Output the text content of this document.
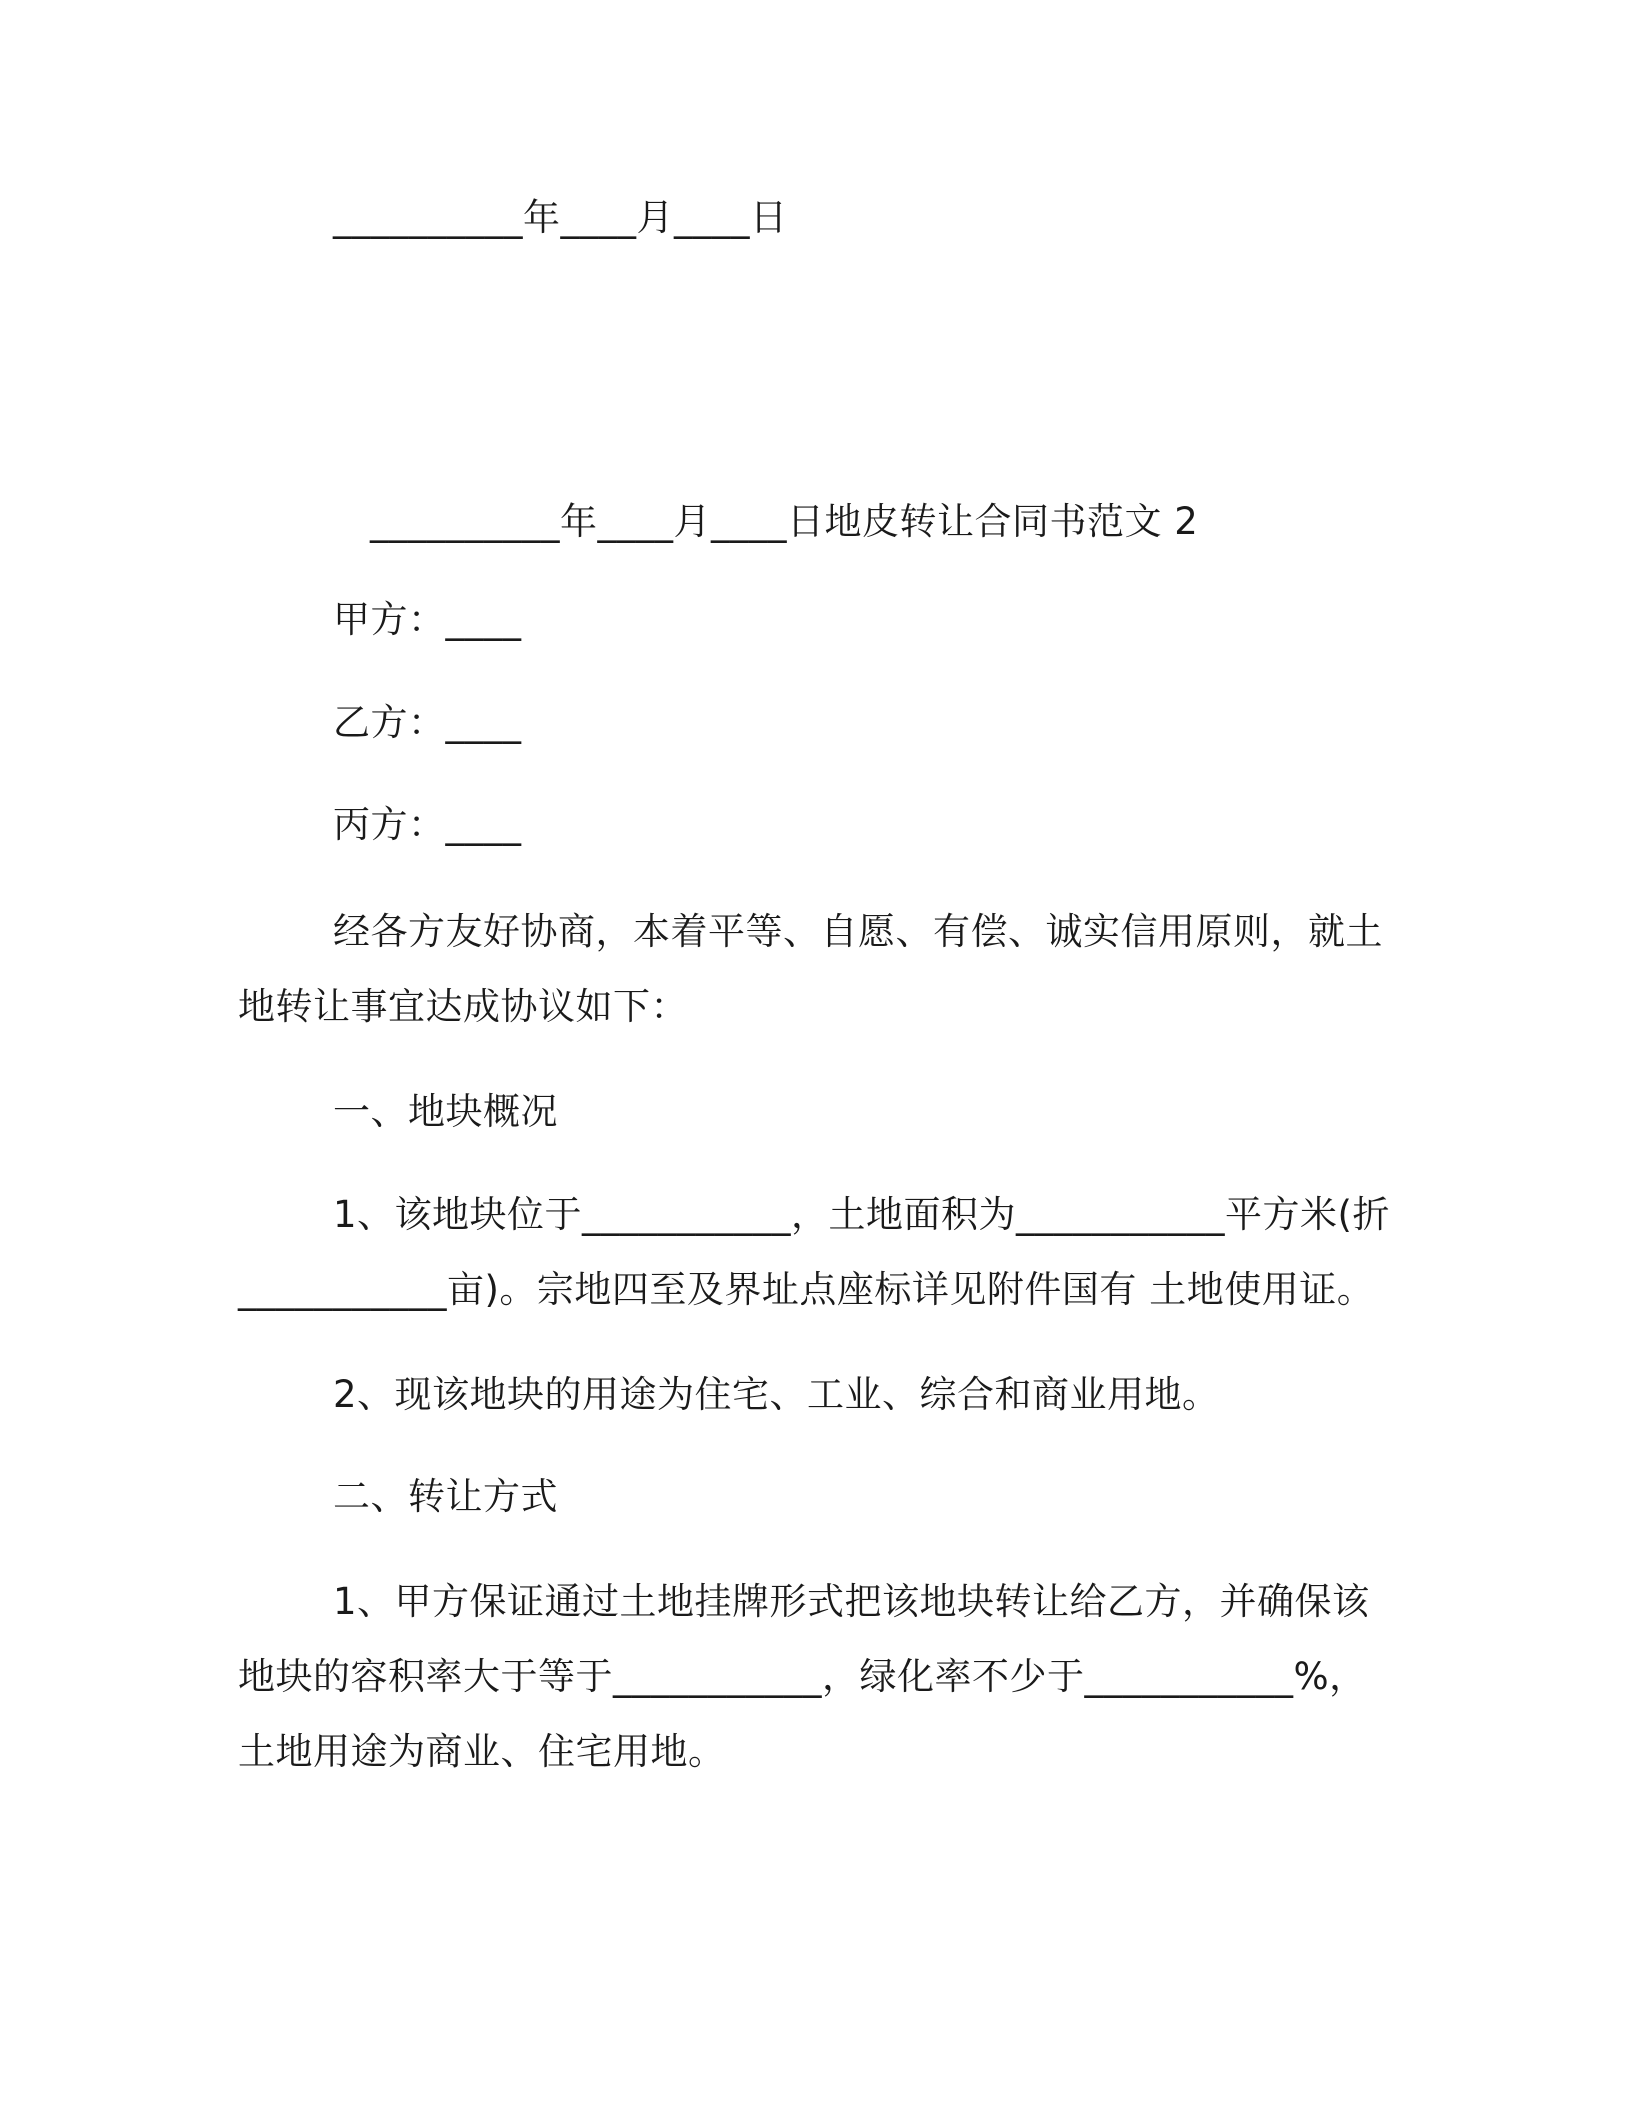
__________年____月____日
__________年____月____日地皮转让合同书范文 2
甲方：____
乙方：____
丙方：____
经各方友好协商，本着平等、自愿、有偿、诚实信用原则，就土
地转让事宜达成协议如下：
一、地块概况
1、该地块位于___________，土地面积为___________平方米(折
___________亩)。宗地四至及界址点座标详见附件国有 土地使用证。
2、现该地块的用途为住宅、工业、综合和商业用地。
二、转让方式
1、甲方保证通过土地挂牌形式把该地块转让给乙方，并确保该
地块的容积率大于等于___________，绿化率不少于___________%，
土地用途为商业、住宅用地。
